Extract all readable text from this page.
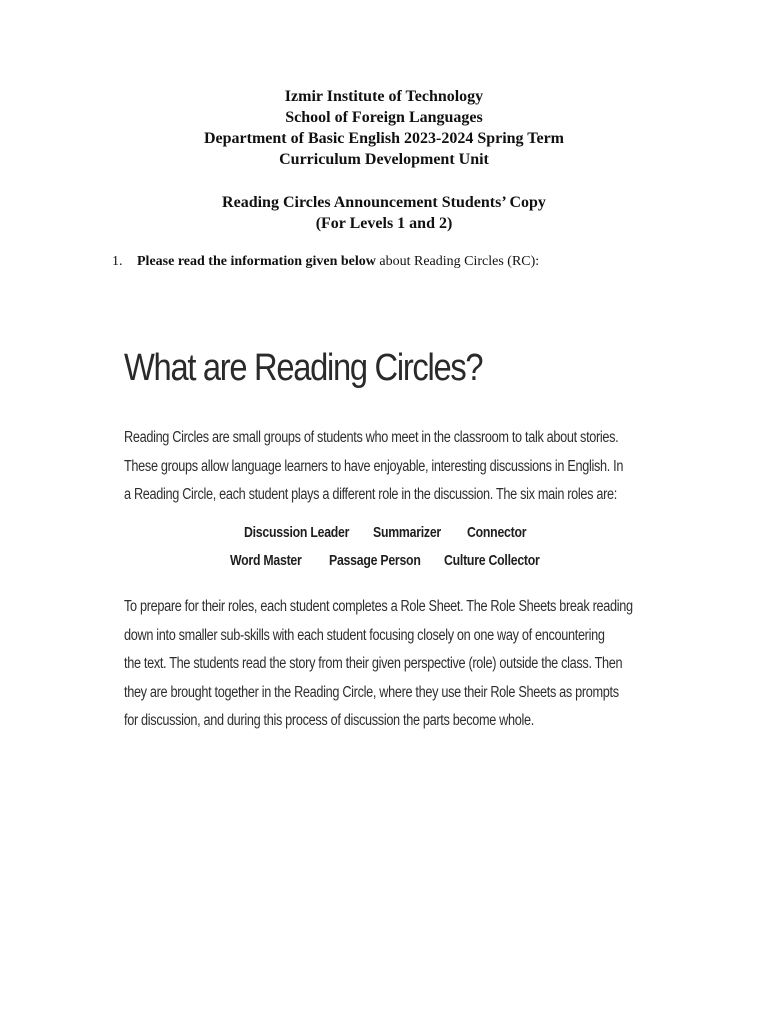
Izmir Institute of Technology
School of Foreign Languages
Department of Basic English 2023-2024 Spring Term
Curriculum Development Unit
Reading Circles Announcement Students’ Copy
(For Levels 1 and 2)
1. Please read the information given below about Reading Circles (RC):
What are Reading Circles?
Reading Circles are small groups of students who meet in the classroom to talk about stories.
These groups allow language learners to have enjoyable, interesting discussions in English. In
a Reading Circle, each student plays a different role in the discussion. The six main roles are:
Discussion Leader Summarizer Connector
Word Master Passage Person Culture Collector
To prepare for their roles, each student completes a Role Sheet. The Role Sheets break reading
down into smaller sub-skills with each student focusing closely on one way of encountering
the text. The students read the story from their given perspective (role) outside the class. Then
they are brought together in the Reading Circle, where they use their Role Sheets as prompts
for discussion, and during this process of discussion the parts become whole.
